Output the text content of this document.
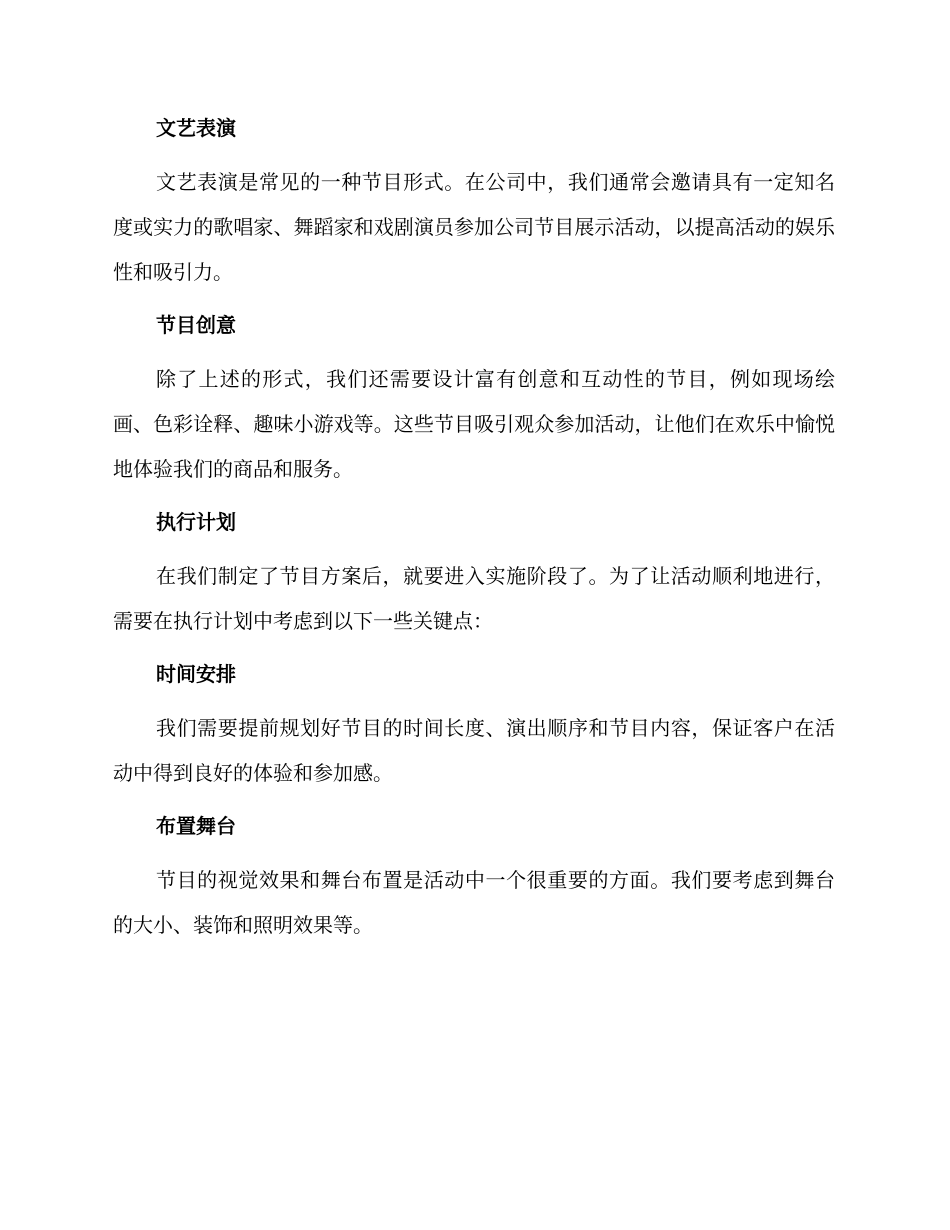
文艺表演
文艺表演是常见的一种节目形式。在公司中，我们通常会邀请具有一定知名度或实力的歌唱家、舞蹈家和戏剧演员参加公司节目展示活动，以提高活动的娱乐性和吸引力。
节目创意
除了上述的形式，我们还需要设计富有创意和互动性的节目，例如现场绘画、色彩诠释、趣味小游戏等。这些节目吸引观众参加活动，让他们在欢乐中愉悦地体验我们的商品和服务。
执行计划
在我们制定了节目方案后，就要进入实施阶段了。为了让活动顺利地进行，需要在执行计划中考虑到以下一些关键点：
时间安排
我们需要提前规划好节目的时间长度、演出顺序和节目内容，保证客户在活动中得到良好的体验和参加感。
布置舞台
节目的视觉效果和舞台布置是活动中一个很重要的方面。我们要考虑到舞台的大小、装饰和照明效果等。
